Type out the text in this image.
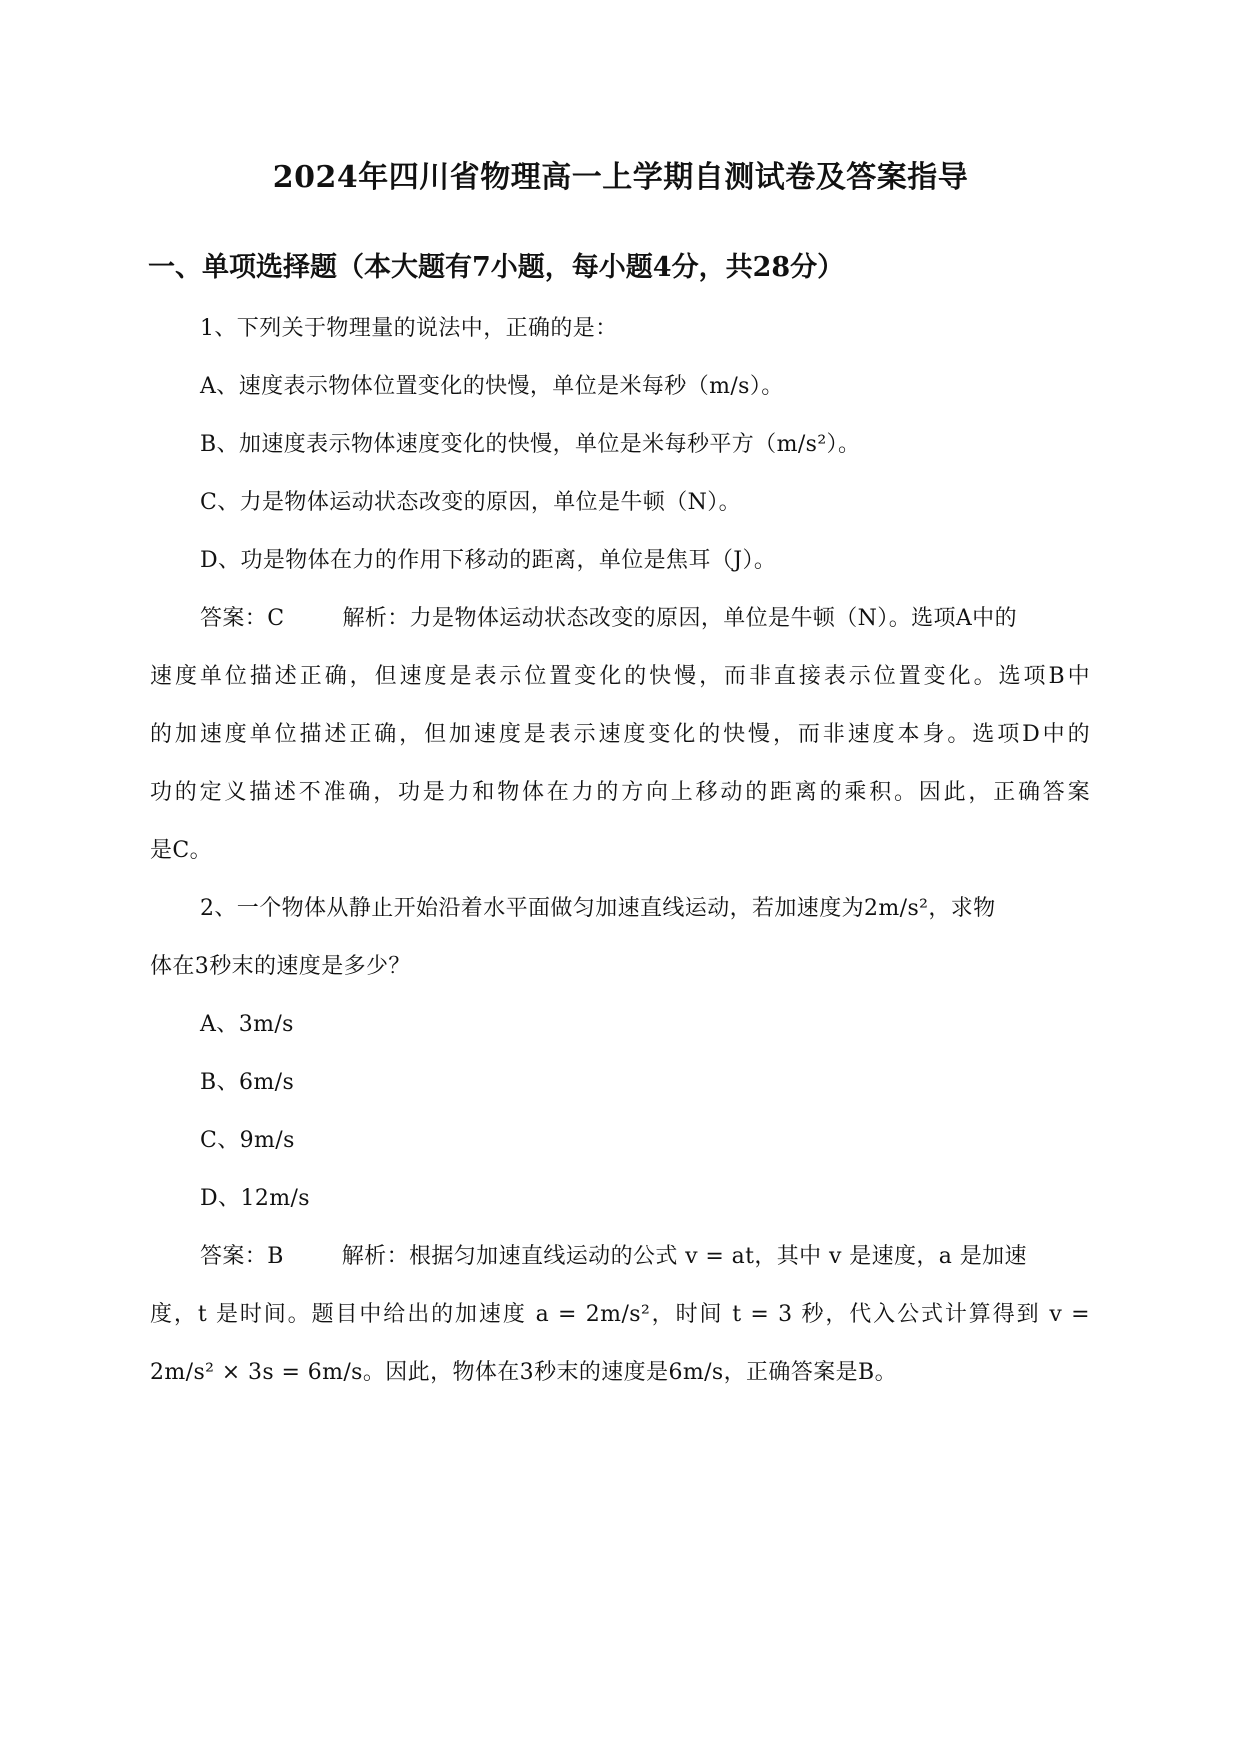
2024年四川省物理高一上学期自测试卷及答案指导
一、单项选择题（本大题有7小题，每小题4分，共28分）
1、下列关于物理量的说法中，正确的是：
A、速度表示物体位置变化的快慢，单位是米每秒（m/s）。
B、加速度表示物体速度变化的快慢，单位是米每秒平方（m/s²）。
C、力是物体运动状态改变的原因，单位是牛顿（N）。
D、功是物体在力的作用下移动的距离，单位是焦耳（J）。
答案：C	解析：力是物体运动状态改变的原因，单位是牛顿（N）。选项A中的
速度单位描述正确，但速度是表示位置变化的快慢，而非直接表示位置变化。选项B中
的加速度单位描述正确，但加速度是表示速度变化的快慢，而非速度本身。选项D中的
功的定义描述不准确，功是力和物体在力的方向上移动的距离的乘积。因此，正确答案
是C。
2、一个物体从静止开始沿着水平面做匀加速直线运动，若加速度为2m/s²，求物
体在3秒末的速度是多少？
A、3m/s
B、6m/s
C、9m/s
D、12m/s
答案：B	解析：根据匀加速直线运动的公式 v = at，其中 v 是速度，a 是加速
度，t 是时间。题目中给出的加速度 a = 2m/s²，时间 t = 3 秒，代入公式计算得到 v =
2m/s² × 3s = 6m/s。因此，物体在3秒末的速度是6m/s，正确答案是B。
